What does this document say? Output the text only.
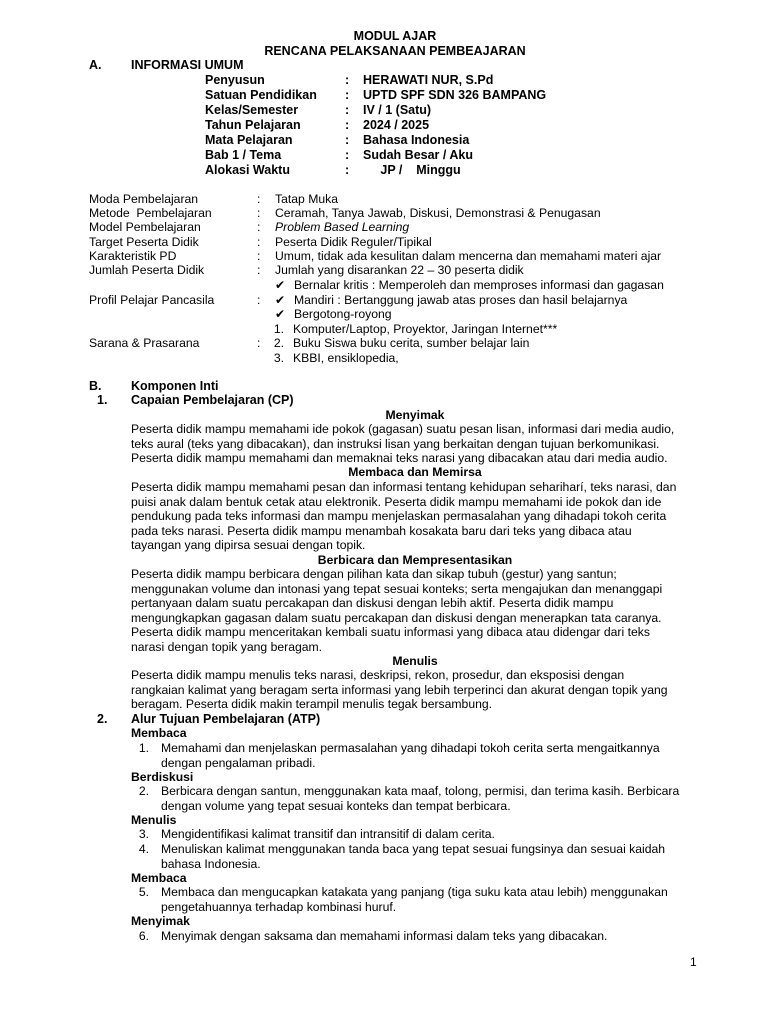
MODUL AJAR
RENCANA PELAKSANAAN PEMBEAJARAN
A. INFORMASI UMUM
Penyusun	: HERAWATI NUR, S.Pd
Satuan Pendidikan : UPTD SPF SDN 326 BAMPANG
Kelas/Semester	: IV / 1 (Satu)
Tahun Pelajaran	: 2024 / 2025
Mata Pelajaran	: Bahasa Indonesia
Bab 1 / Tema	: Sudah Besar / Aku
Alokasi Waktu	: JP /    Minggu
Moda Pembelajaran	: Tatap Muka
Metode  Pembelajaran	: Ceramah, Tanya Jawab, Diskusi, Demonstrasi & Penugasan
Model Pembelajaran	: Problem Based Learning
Target Peserta Didik	: Peserta Didik Reguler/Tipikal
Karakteristik PD	: Umum, tidak ada kesulitan dalam mencerna dan memahami materi ajar
Jumlah Peserta Didik	: Jumlah yang disarankan 22 – 30 peserta didik
✔ Bernalar kritis : Memperoleh dan memproses informasi dan gagasan
Profil Pelajar Pancasila	: ✔ Mandiri : Bertanggung jawab atas proses dan hasil belajarnya
✔ Bergotong-royong
1. Komputer/Laptop, Proyektor, Jaringan Internet***
Sarana & Prasarana	:	2. Buku Siswa buku cerita, sumber belajar lain
3. KBBI, ensiklopedia,
B. Komponen Inti
1. Capaian Pembelajaran (CP)
Menyimak
Peserta didik mampu memahami ide pokok (gagasan) suatu pesan lisan, informasi dari media audio,
teks aural (teks yang dibacakan), dan instruksi lisan yang berkaitan dengan tujuan berkomunikasi.
Peserta didik mampu memahami dan memaknai teks narasi yang dibacakan atau dari media audio.
Membaca dan Memirsa
Peserta didik mampu memahami pesan dan informasi tentang kehidupan sehariharí, teks narasi, dan
puisi anak dalam bentuk cetak atau elektronik. Peserta didik mampu memahami ide pokok dan ide
pendukung pada teks informasi dan mampu menjelaskan permasalahan yang dihadapi tokoh cerita
pada teks narasi. Peserta didik mampu menambah kosakata baru dari teks yang dibaca atau
tayangan yang dipirsa sesuai dengan topik.
Berbicara dan Mempresentasikan
Peserta didik mampu berbicara dengan pilihan kata dan sikap tubuh (gestur) yang santun;
menggunakan volume dan intonasi yang tepat sesuai konteks; serta mengajukan dan menanggapi
pertanyaan dalam suatu percakapan dan diskusi dengan lebih aktif. Peserta didik mampu
mengungkapkan gagasan dalam suatu percakapan dan diskusi dengan menerapkan tata caranya.
Peserta didik mampu menceritakan kembali suatu informasi yang dibaca atau didengar dari teks
narasi dengan topik yang beragam.
Menulis
Peserta didik mampu menulis teks narasi, deskripsi, rekon, prosedur, dan eksposisi dengan
rangkaian kalimat yang beragam serta informasi yang lebih terperinci dan akurat dengan topik yang
beragam. Peserta didik makin terampil menulis tegak bersambung.
2. Alur Tujuan Pembelajaran (ATP)
Membaca
1. Memahami dan menjelaskan permasalahan yang dihadapi tokoh cerita serta mengaitkannya
dengan pengalaman pribadi.
Berdiskusi
2. Berbicara dengan santun, menggunakan kata maaf, tolong, permisi, dan terima kasih. Berbicara
dengan volume yang tepat sesuai konteks dan tempat berbicara.
Menulis
3. Mengidentifikasi kalimat transitif dan intransitif di dalam cerita.
4. Menuliskan kalimat menggunakan tanda baca yang tepat sesuai fungsinya dan sesuai kaidah
bahasa Indonesia.
Membaca
5. Membaca dan mengucapkan katakata yang panjang (tiga suku kata atau lebih) menggunakan
pengetahuannya terhadap kombinasi huruf.
Menyimak
6. Menyimak dengan saksama dan memahami informasi dalam teks yang dibacakan.
1
